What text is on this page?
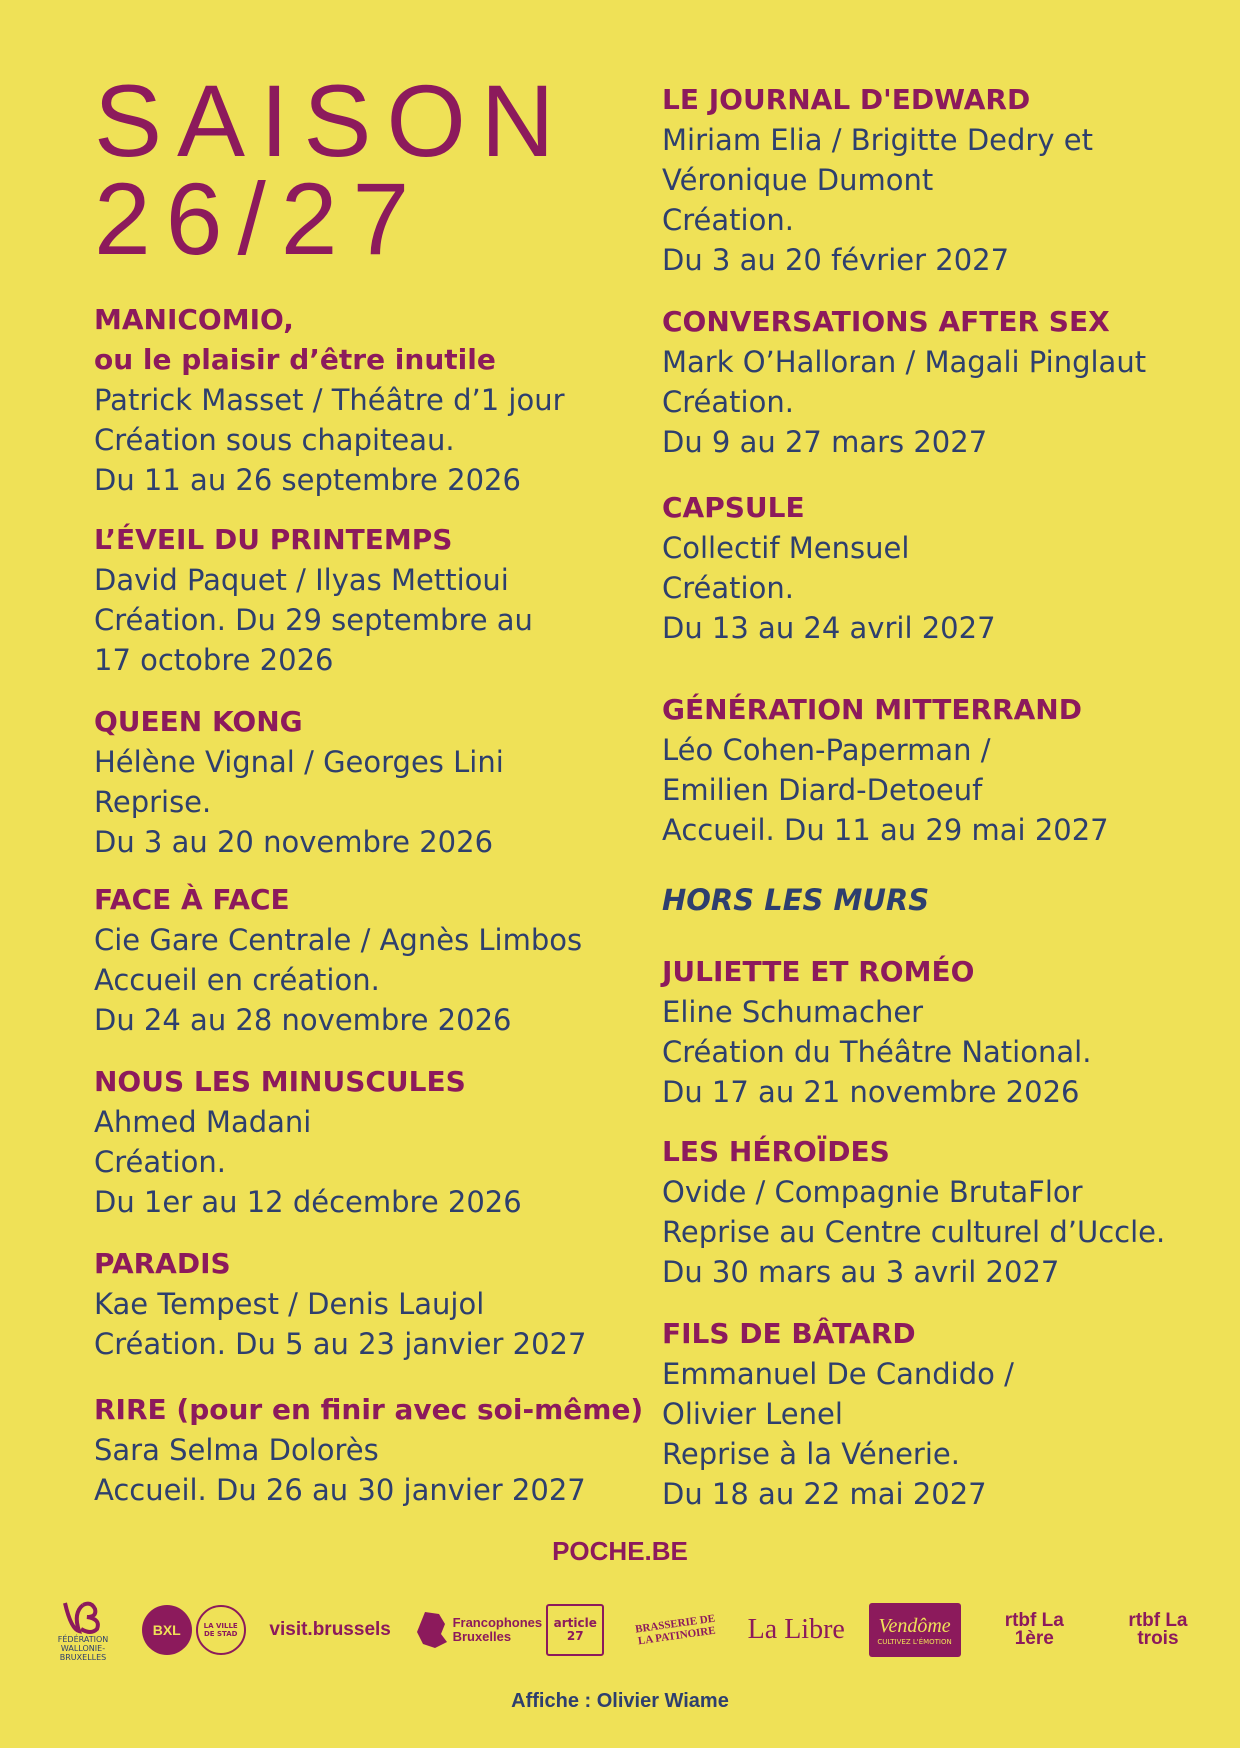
SAISON
26/27
MANICOMIO,
ou le plaisir d’être inutile
Patrick Masset / Théâtre d’1 jour
Création sous chapiteau.
Du 11 au 26 septembre 2026
L’ÉVEIL DU PRINTEMPS
David Paquet / Ilyas Mettioui
Création. Du 29 septembre au
17 octobre 2026
QUEEN KONG
Hélène Vignal / Georges Lini
Reprise.
Du 3 au 20 novembre 2026
FACE À FACE
Cie Gare Centrale / Agnès Limbos
Accueil en création.
Du 24 au 28 novembre 2026
NOUS LES MINUSCULES
Ahmed Madani
Création.
Du 1er au 12 décembre 2026
PARADIS
Kae Tempest / Denis Laujol
Création. Du 5 au 23 janvier 2027
RIRE (pour en finir avec soi-même)
Sara Selma Dolorès
Accueil. Du 26 au 30 janvier 2027
LE JOURNAL D'EDWARD
Miriam Elia / Brigitte Dedry et
Véronique Dumont
Création.
Du 3 au 20 février 2027
CONVERSATIONS AFTER SEX
Mark O’Halloran / Magali Pinglaut
Création.
Du 9 au 27 mars 2027
CAPSULE
Collectif Mensuel
Création.
Du 13 au 24 avril 2027
GÉNÉRATION MITTERRAND
Léo Cohen-Paperman /
Emilien Diard-Detoeuf
Accueil. Du 11 au 29 mai 2027
HORS LES MURS
JULIETTE ET ROMÉO
Eline Schumacher
Création du Théâtre National.
Du 17 au 21 novembre 2026
LES HÉROÏDES
Ovide / Compagnie BrutaFlor
Reprise au Centre culturel d’Uccle.
Du 30 mars au 3 avril 2027
FILS DE BÂTARD
Emmanuel De Candido /
Olivier Lenel
Reprise à la Vénerie.
Du 18 au 22 mai 2027
POCHE.BE
FÉDÉRATION WALLONIE-BRUXELLES
BXL	LA VILLE DE STAD	visit.brussels	Francophones Bruxelles
article 27
BRASSERIE DE LA PATINOIRE	La Libre Vendôme
CULTIVEZ L'ÉMOTION
rtbf La 1ère
rtbf La trois
Affiche : Olivier Wiame
